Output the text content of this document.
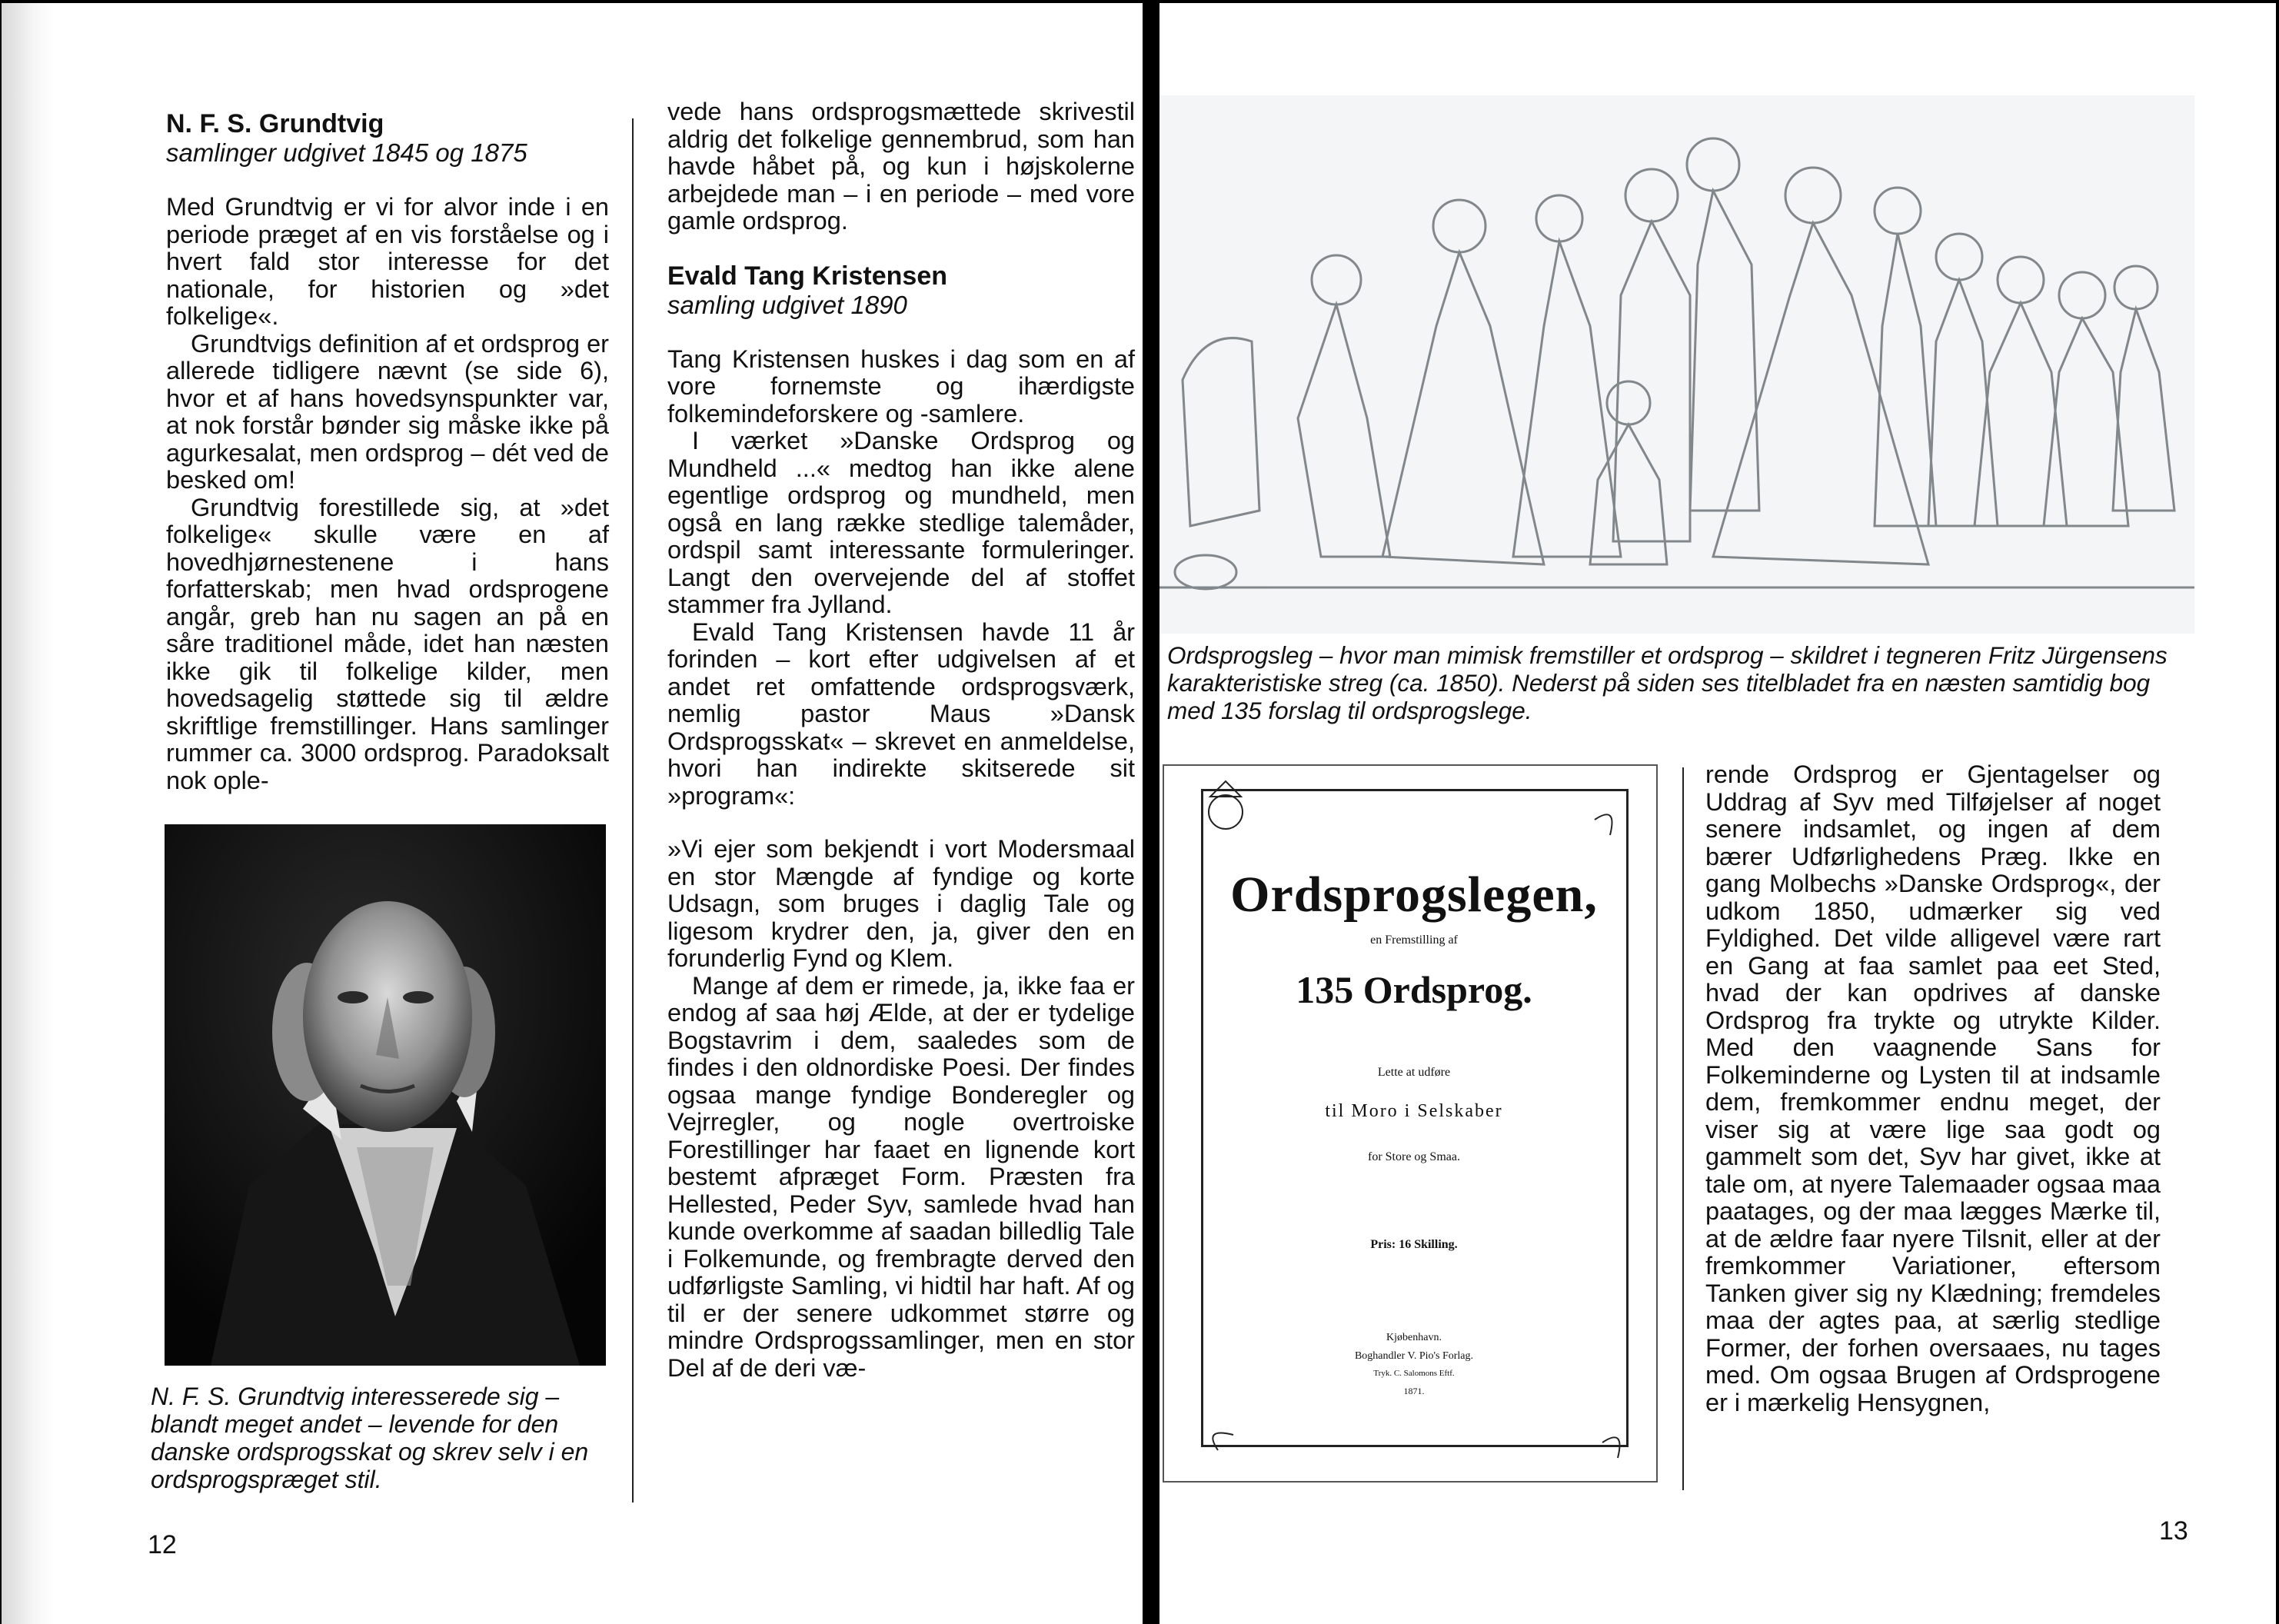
N. F. S. Grundtvig
samlinger udgivet 1845 og 1875

Med Grundtvig er vi for alvor inde i en periode præget af en vis forståelse og i hvert fald stor interesse for det nationale, for historien og »det folkelige«.

Grundtvigs definition af et ordsprog er allerede tidligere nævnt (se side 6), hvor et af hans hovedsynspunkter var, at nok forstår bønder sig måske ikke på agurkesalat, men ordsprog – dét ved de besked om!

Grundtvig forestillede sig, at »det folkelige« skulle være en af hovedhjørnestenene i hans forfatterskab; men hvad ordsprogene angår, greb han nu sagen an på en såre traditionel måde, idet han næsten ikke gik til folkelige kilder, men hovedsagelig støttede sig til ældre skriftlige fremstillinger. Hans samlinger rummer ca. 3000 ordsprog. Paradoksalt nok ople-

N. F. S. Grundtvig interesserede sig – blandt meget andet – levende for den danske ordsprogsskat og skrev selv i en ordsprogspræget stil.

vede hans ordsprogsmættede skrivestil aldrig det folkelige gennembrud, som han havde håbet på, og kun i højskolerne arbejdede man – i en periode – med vore gamle ordsprog.

Evald Tang Kristensen
samling udgivet 1890

Tang Kristensen huskes i dag som en af vore fornemste og ihærdigste folkemindeforskere og -samlere.

I værket »Danske Ordsprog og Mundheld ...« medtog han ikke alene egentlige ordsprog og mundheld, men også en lang række stedlige talemåder, ordspil samt interessante formuleringer. Langt den overvejende del af stoffet stammer fra Jylland.

Evald Tang Kristensen havde 11 år forinden – kort efter udgivelsen af et andet ret omfattende ordsprogsværk, nemlig pastor Maus »Dansk Ordsprogsskat« – skrevet en anmeldelse, hvori han indirekte skitserede sit »program«:

»Vi ejer som bekjendt i vort Modersmaal en stor Mængde af fyndige og korte Udsagn, som bruges i daglig Tale og ligesom krydrer den, ja, giver den en forunderlig Fynd og Klem.

Mange af dem er rimede, ja, ikke faa er endog af saa høj Ælde, at der er tydelige Bogstavrim i dem, saaledes som de findes i den oldnordiske Poesi. Der findes ogsaa mange fyndige Bonderegler og Vejrregler, og nogle overtroiske Forestillinger har faaet en lignende kort bestemt afpræget Form. Præsten fra Hellested, Peder Syv, samlede hvad han kunde overkomme af saadan billedlig Tale i Folkemunde, og frembragte derved den udførligste Samling, vi hidtil har haft. Af og til er der senere udkommet større og mindre Ordsprogssamlinger, men en stor Del af de deri væ-

12
Ordsprogsleg – hvor man mimisk fremstiller et ordsprog – skildret i tegneren Fritz Jürgensens karakteristiske streg (ca. 1850). Nederst på siden ses titelbladet fra en næsten samtidig bog med 135 forslag til ordsprogslege.
Ordsprogslegen,
en Fremstilling af
135 Ordsprog.
Lette at udføre
til Moro i Selskaber
for Store og Smaa.
Pris: 16 Skilling.
Kjøbenhavn.
Boghandler V. Pio's Forlag.
Tryk. C. Salomons Eftf.
1871.

rende Ordsprog er Gjentagelser og Uddrag af Syv med Tilføjelser af noget senere indsamlet, og ingen af dem bærer Udførlighedens Præg. Ikke en gang Molbechs »Danske Ordsprog«, der udkom 1850, udmærker sig ved Fyldighed. Det vilde alligevel være rart en Gang at faa samlet paa eet Sted, hvad der kan opdrives af danske Ordsprog fra trykte og utrykte Kilder. Med den vaagnende Sans for Folkeminderne og Lysten til at indsamle dem, fremkommer endnu meget, der viser sig at være lige saa godt og gammelt som det, Syv har givet, ikke at tale om, at nyere Talemaader ogsaa maa paatages, og der maa lægges Mærke til, at de ældre faar nyere Tilsnit, eller at der fremkommer Variationer, eftersom Tanken giver sig ny Klædning; fremdeles maa der agtes paa, at særlig stedlige Former, der forhen oversaaes, nu tages med. Om ogsaa Brugen af Ordsprogene er i mærkelig Hensygnen,

13
